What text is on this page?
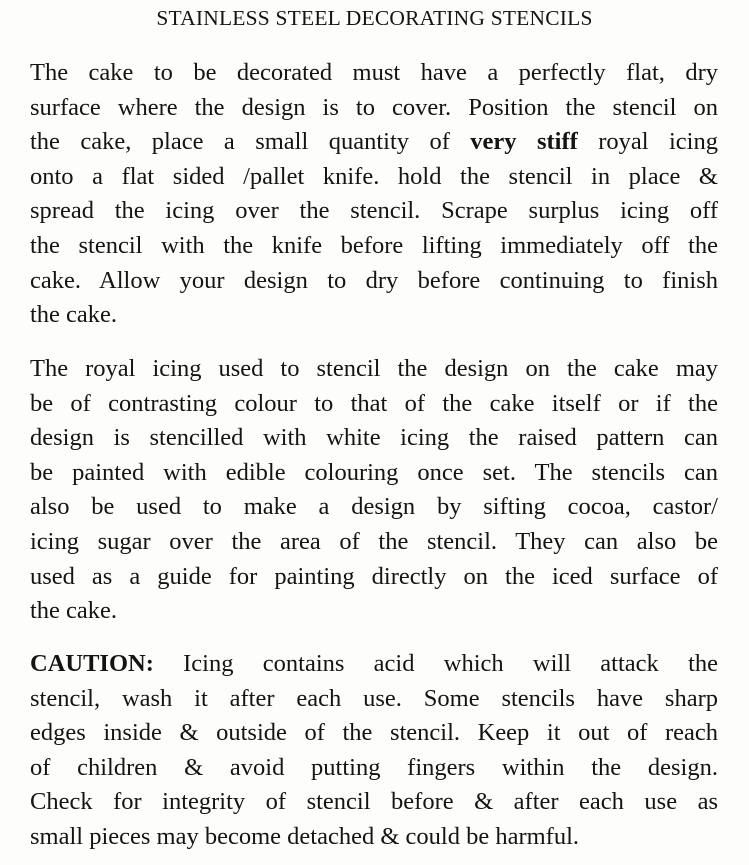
STAINLESS STEEL DECORATING STENCILS

The cake to be decorated must have a perfectly flat, dry
surface where the design is to cover. Position the stencil on
the cake, place a small quantity of very stiff royal icing
onto a flat sided /pallet knife. hold the stencil in place &
spread the icing over the stencil. Scrape surplus icing off
the stencil with the knife before lifting immediately off the
cake. Allow your design to dry before continuing to finish
the cake.

The royal icing used to stencil the design on the cake may
be of contrasting colour to that of the cake itself or if the
design is stencilled with white icing the raised pattern can
be painted with edible colouring once set. The stencils can
also be used to make a design by sifting cocoa, castor/
icing sugar over the area of the stencil. They can also be
used as a guide for painting directly on the iced surface of
the cake.

CAUTION: Icing contains acid which will attack the
stencil, wash it after each use. Some stencils have sharp
edges inside & outside of the stencil. Keep it out of reach
of children & avoid putting fingers within the design.
Check for integrity of stencil before & after each use as
small pieces may become detached & could be harmful.
